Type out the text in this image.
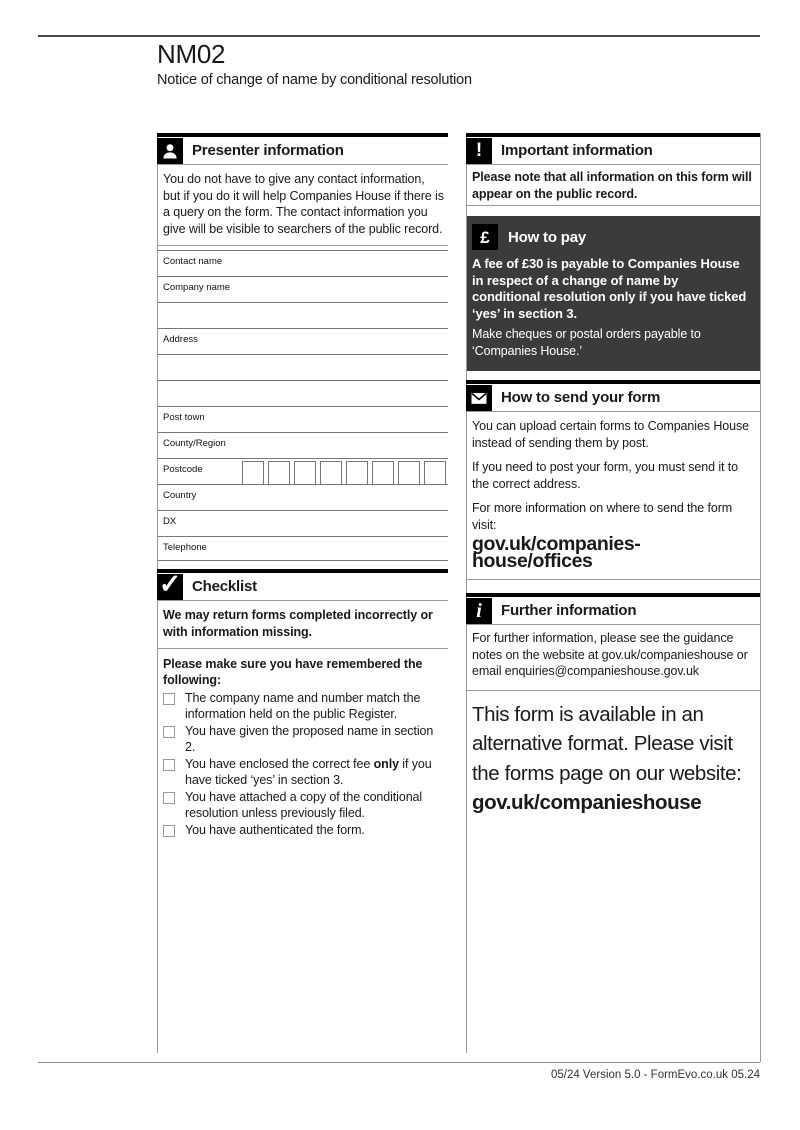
NM02
Notice of change of name by conditional resolution
Presenter information
You do not have to give any contact information, but if you do it will help Companies House if there is a query on the form. The contact information you give will be visible to searchers of the public record.
Contact name
Company name
Address
Post town
County/Region
Postcode
Country
DX
Telephone
✓ Checklist
We may return forms completed incorrectly or with information missing.
Please make sure you have remembered the following:
The company name and number match the information held on the public Register.
You have given the proposed name in section 2.
You have enclosed the correct fee only if you have ticked ‘yes’ in section 3.
You have attached a copy of the conditional resolution unless previously filed.
You have authenticated the form.
! Important information
Please note that all information on this form will appear on the public record.
£ How to pay
A fee of £30 is payable to Companies House in respect of a change of name by conditional resolution only if you have ticked ‘yes’ in section 3.
Make cheques or postal orders payable to ‘Companies House.’
How to send your form

You can upload certain forms to Companies House instead of sending them by post.

If you need to post your form, you must send it to the correct address.

For more information on where to send the form visit:

gov.uk/companies-house/offices
i Further information
For further information, please see the guidance notes on the website at gov.uk/companieshouse or email enquiries@companieshouse.gov.uk
This form is available in an alternative format. Please visit the forms page on our website:
gov.uk/companieshouse
05/24 Version 5.0 - FormEvo.co.uk 05.24
